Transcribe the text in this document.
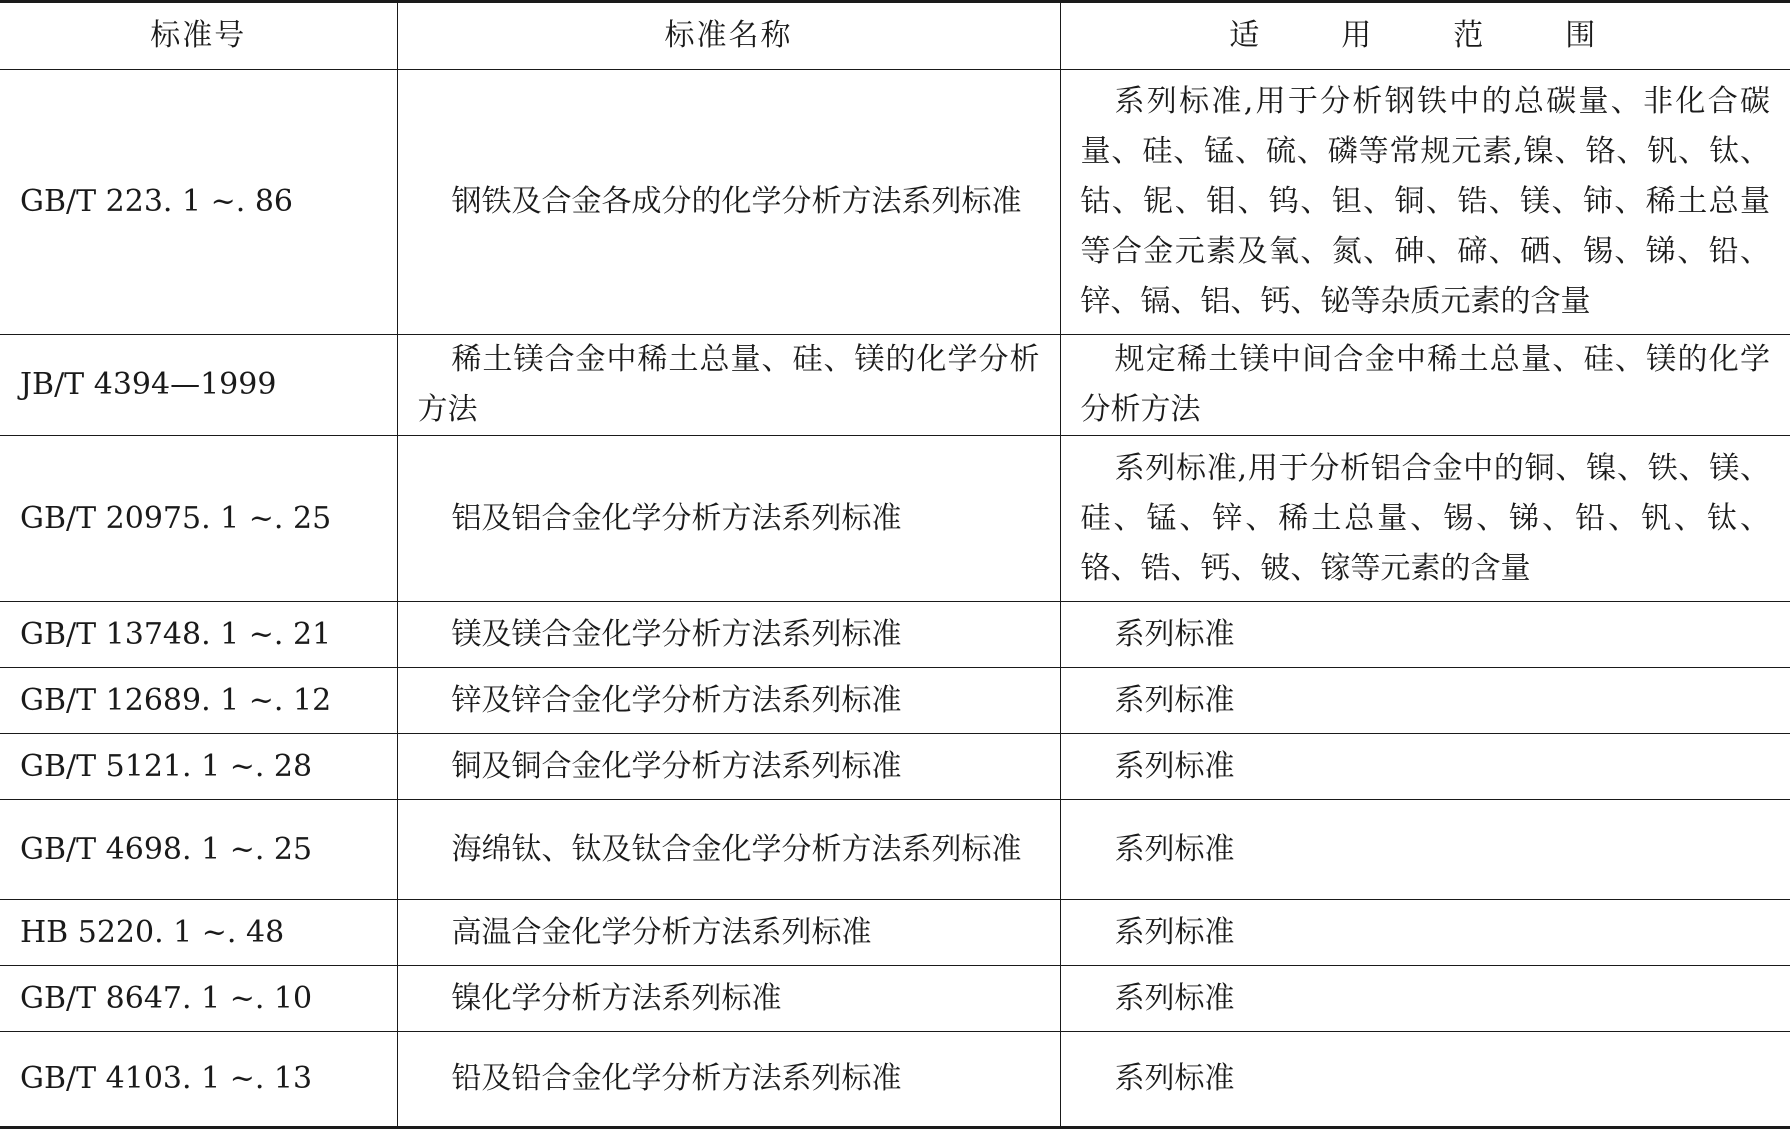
标准号	标准名称	适　用　范　围
GB/T 223. 1 ~. 86	钢铁及合金各成分的化学分析方法系列标准	系列标准,用于分析钢铁中的总碳量、非化合碳量、硅、锰、硫、磷等常规元素,镍、铬、钒、钛、钴、铌、钼、钨、钽、铜、锆、镁、铈、稀土总量等合金元素及氧、氮、砷、碲、硒、锡、锑、铅、锌、镉、铝、钙、铋等杂质元素的含量
JB/T 4394—1999	稀土镁合金中稀土总量、硅、镁的化学分析方法	规定稀土镁中间合金中稀土总量、硅、镁的化学分析方法
GB/T 20975. 1 ~. 25	铝及铝合金化学分析方法系列标准	系列标准,用于分析铝合金中的铜、镍、铁、镁、硅、锰、锌、稀土总量、锡、锑、铅、钒、钛、铬、锆、钙、铍、镓等元素的含量
GB/T 13748. 1 ~. 21	镁及镁合金化学分析方法系列标准	系列标准
GB/T 12689. 1 ~. 12	锌及锌合金化学分析方法系列标准	系列标准
GB/T 5121. 1 ~. 28	铜及铜合金化学分析方法系列标准	系列标准
GB/T 4698. 1 ~. 25	海绵钛、钛及钛合金化学分析方法系列标准	系列标准
HB 5220. 1 ~. 48	高温合金化学分析方法系列标准	系列标准
GB/T 8647. 1 ~. 10	镍化学分析方法系列标准	系列标准
GB/T 4103. 1 ~. 13	铅及铅合金化学分析方法系列标准	系列标准
